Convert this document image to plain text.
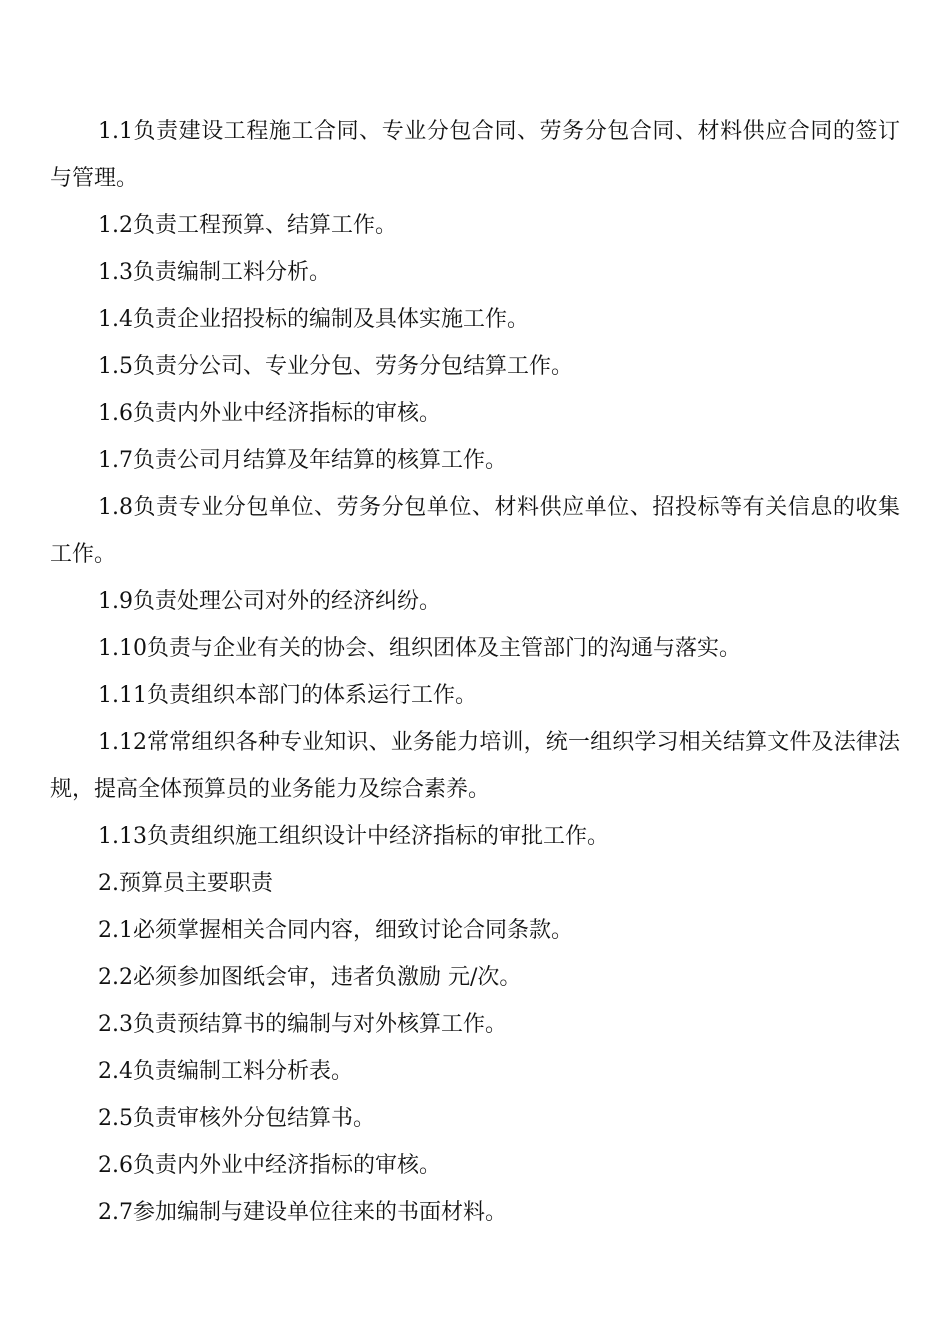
1.1负责建设工程施工合同、专业分包合同、劳务分包合同、材料供应合同的签订与管理。

1.2负责工程预算、结算工作。

1.3负责编制工料分析。

1.4负责企业招投标的编制及具体实施工作。

1.5负责分公司、专业分包、劳务分包结算工作。

1.6负责内外业中经济指标的审核。

1.7负责公司月结算及年结算的核算工作。

1.8负责专业分包单位、劳务分包单位、材料供应单位、招投标等有关信息的收集工作。

1.9负责处理公司对外的经济纠纷。

1.10负责与企业有关的协会、组织团体及主管部门的沟通与落实。

1.11负责组织本部门的体系运行工作。

1.12常常组织各种专业知识、业务能力培训，统一组织学习相关结算文件及法律法规，提高全体预算员的业务能力及综合素养。

1.13负责组织施工组织设计中经济指标的审批工作。

2.预算员主要职责

2.1必须掌握相关合同内容，细致讨论合同条款。

2.2必须参加图纸会审，违者负激励 元/次。

2.3负责预结算书的编制与对外核算工作。

2.4负责编制工料分析表。

2.5负责审核外分包结算书。

2.6负责内外业中经济指标的审核。

2.7参加编制与建设单位往来的书面材料。
